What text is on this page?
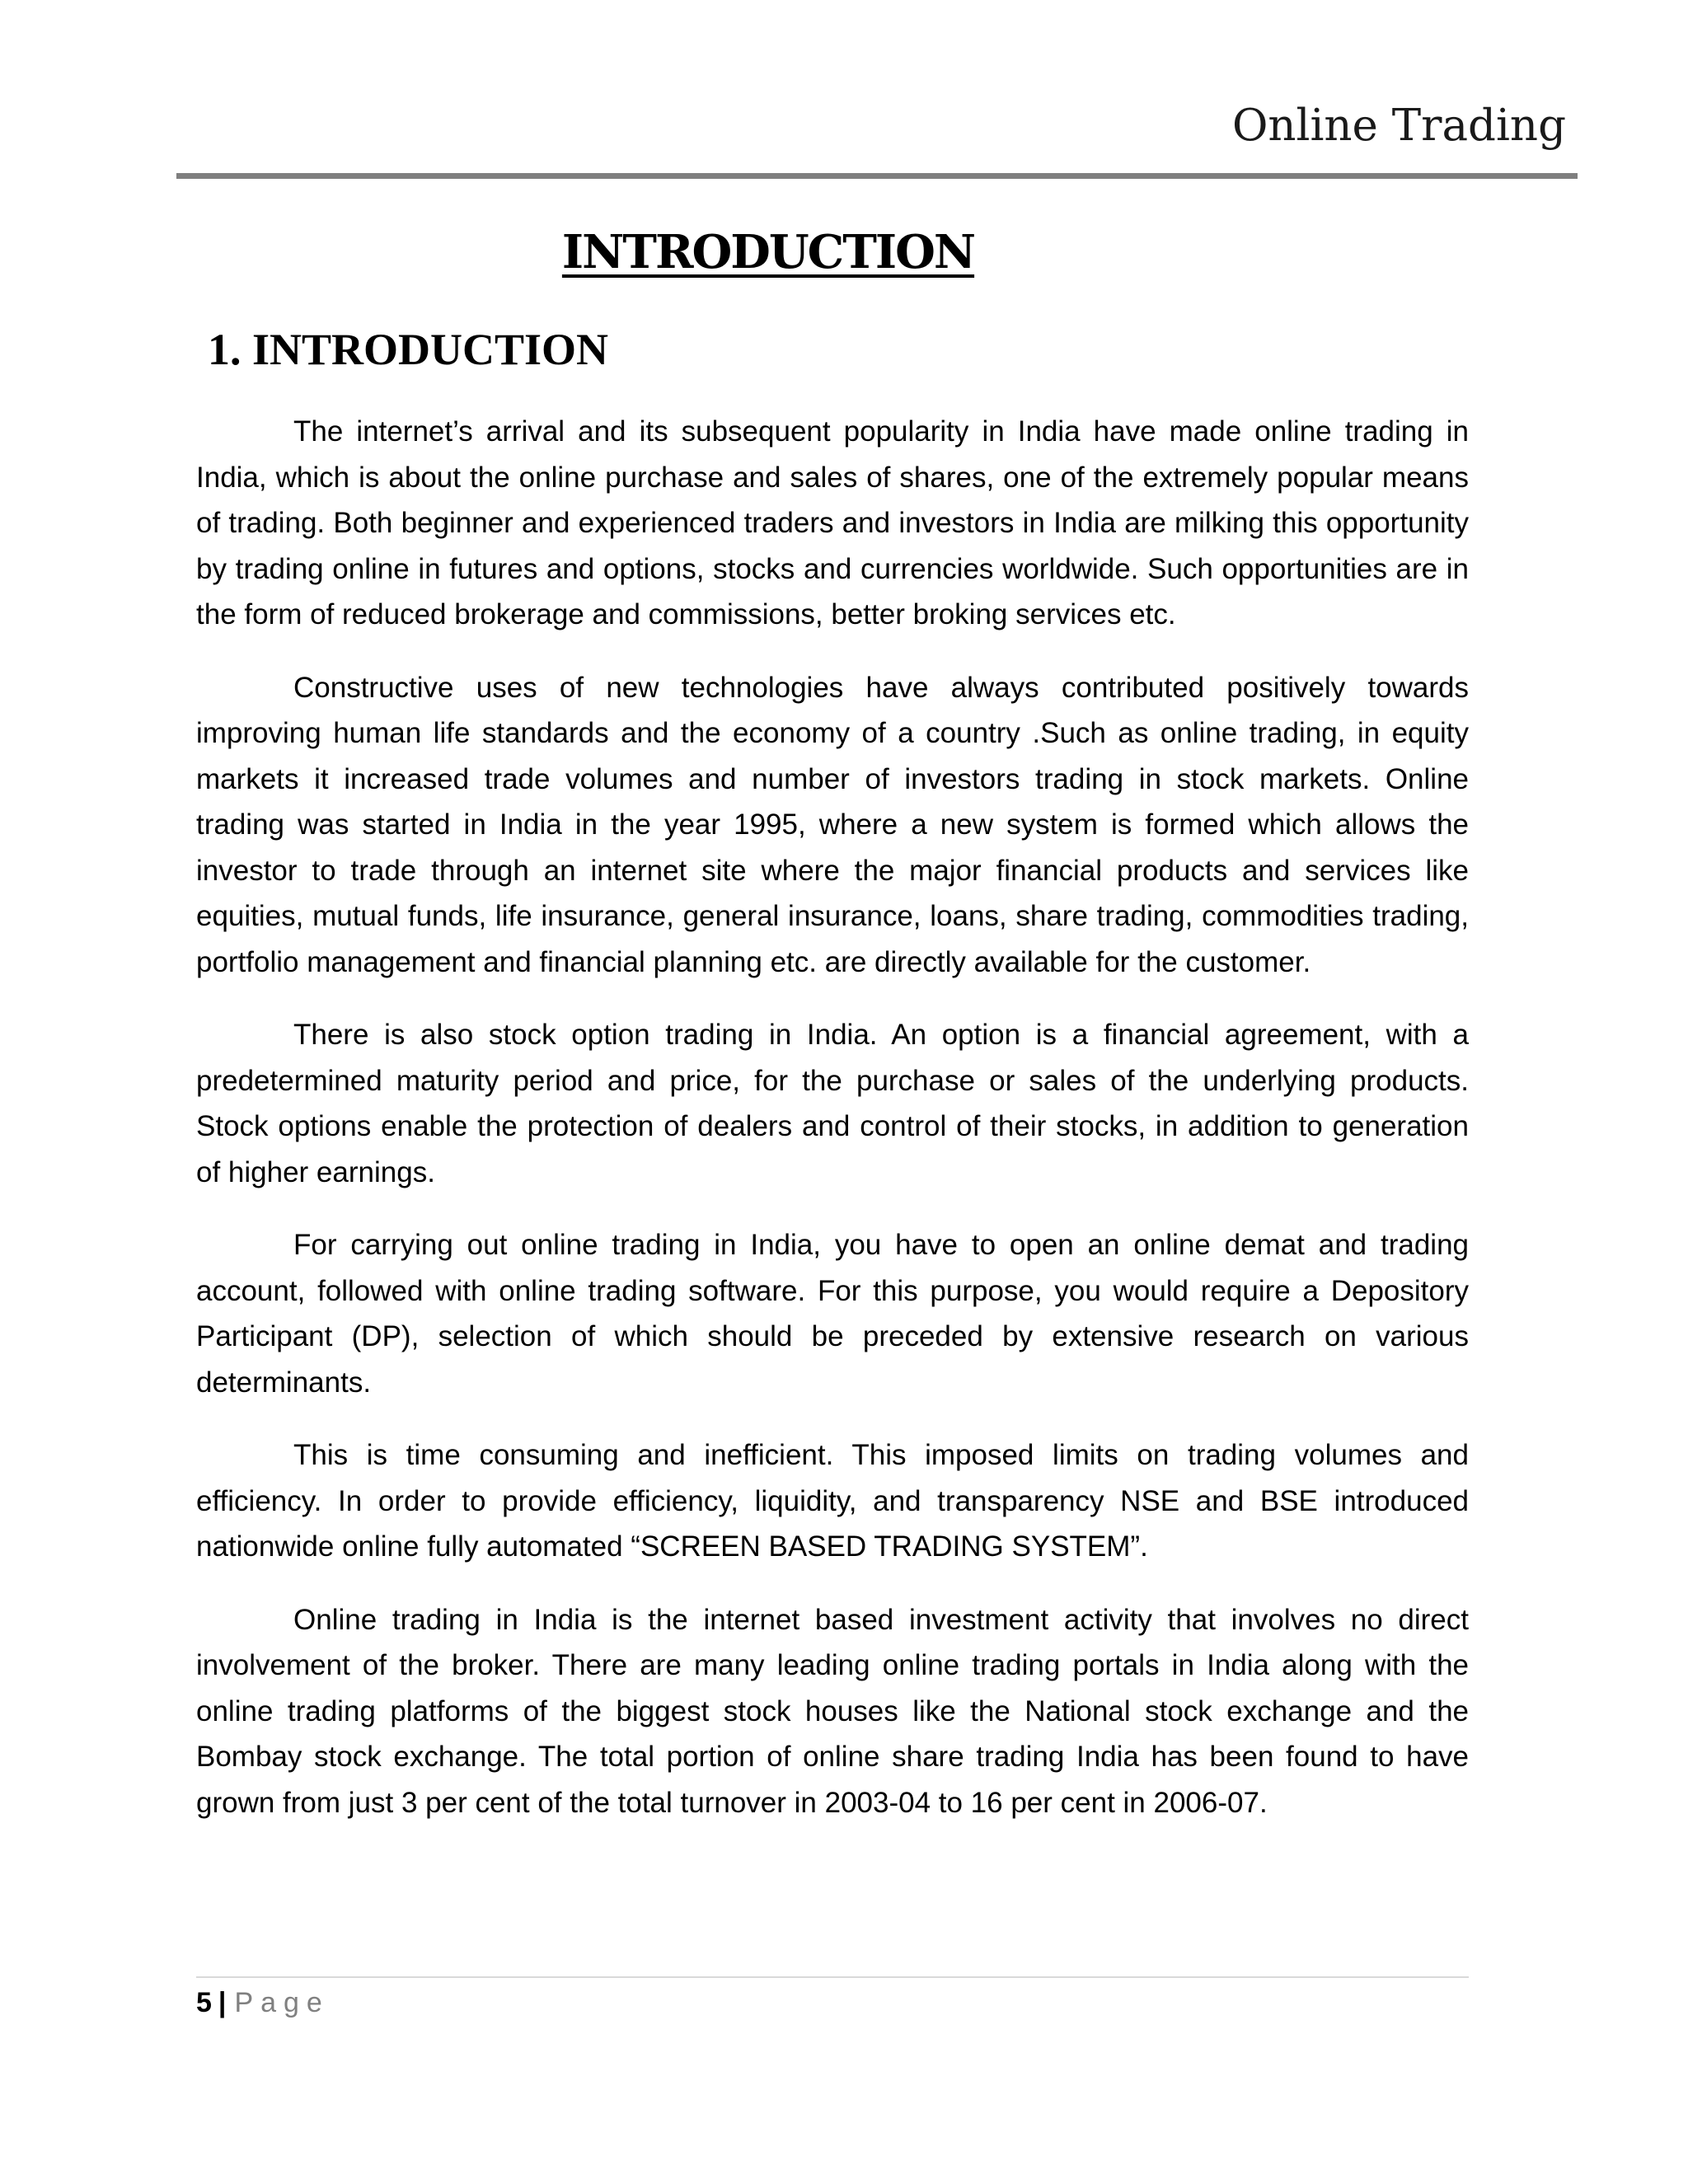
Online Trading
INTRODUCTION
1. INTRODUCTION

The internet’s arrival and its subsequent popularity in India have made online trading in India, which is about the online purchase and sales of shares, one of the extremely popular means of trading. Both beginner and experienced traders and investors in India are milking this opportunity by trading online in futures and options, stocks and currencies worldwide. Such opportunities are in the form of reduced brokerage and commissions, better broking services etc.

Constructive uses of new technologies have always contributed positively towards improving human life standards and the economy of a country .Such as online trading, in equity markets it increased trade volumes and number of investors trading in stock markets. Online trading was started in India in the year 1995, where a new system is formed which allows the investor to trade through an internet site where the major financial products and services like equities, mutual funds, life insurance, general insurance, loans, share trading, commodities trading, portfolio management and financial planning etc. are directly available for the customer.

There is also stock option trading in India. An option is a financial agreement, with a predetermined maturity period and price, for the purchase or sales of the underlying products. Stock options enable the protection of dealers and control of their stocks, in addition to generation of higher earnings.

For carrying out online trading in India, you have to open an online demat and trading account, followed with online trading software. For this purpose, you would require a Depository Participant (DP), selection of which should be preceded by extensive research on various determinants.

This is time consuming and inefficient. This imposed limits on trading volumes and efficiency. In order to provide efficiency, liquidity, and transparency NSE and BSE introduced nationwide online fully automated “SCREEN BASED TRADING SYSTEM”.

Online trading in India is the internet based investment activity that involves no direct involvement of the broker. There are many leading online trading portals in India along with the online trading platforms of the biggest stock houses like the National stock exchange and the Bombay stock exchange. The total portion of online share trading India has been found to have grown from just 3 per cent of the total turnover in 2003-04 to 16 per cent in 2006-07.

5 | Page
